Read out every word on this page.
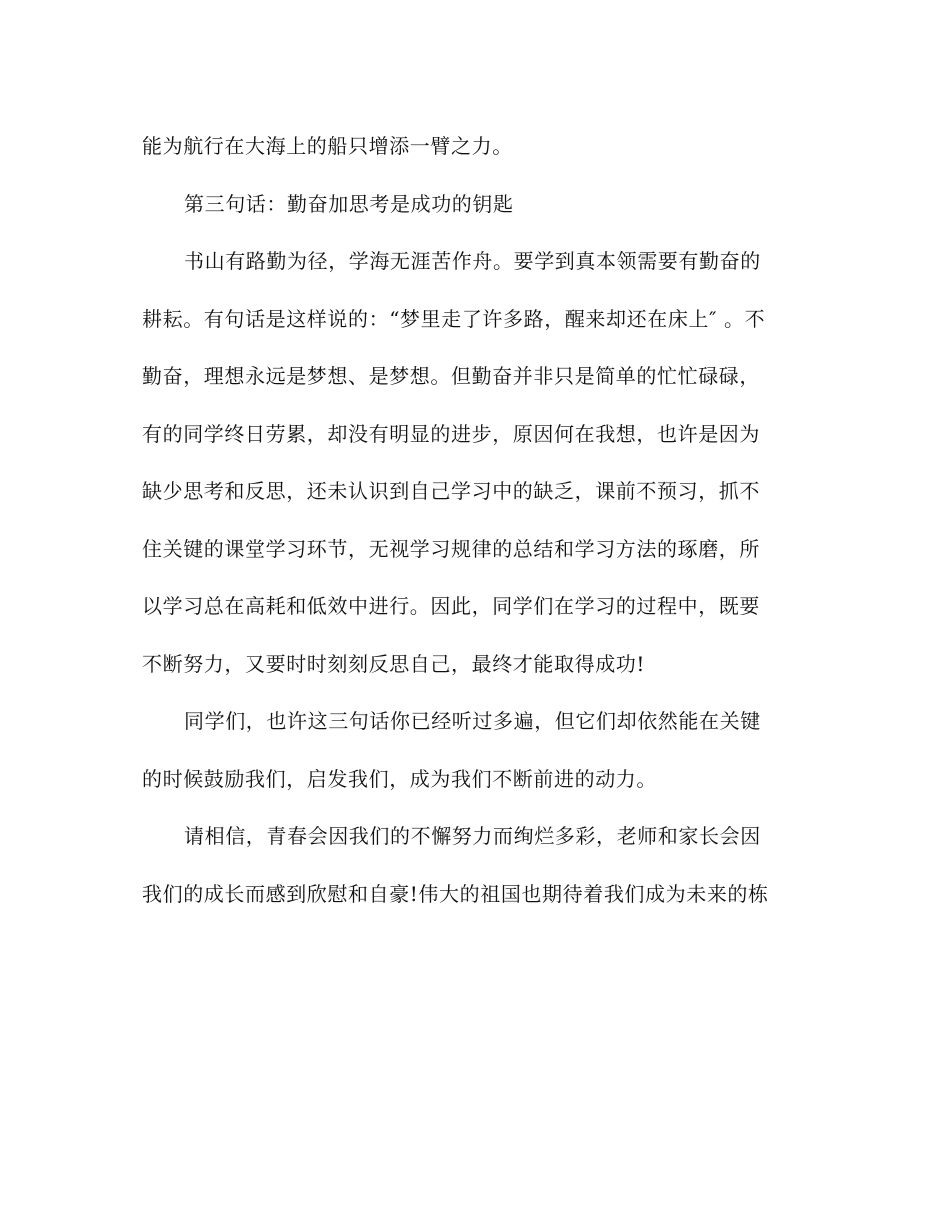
能为航行在大海上的船只增添一臂之力。
第三句话：勤奋加思考是成功的钥匙
书山有路勤为径，学海无涯苦作舟。要学到真本领需要有勤奋的
耕耘。有句话是这样说的：“梦里走了许多路，醒来却还在床上″ 。不
勤奋，理想永远是梦想、是梦想。但勤奋并非只是简单的忙忙碌碌，
有的同学终日劳累，却没有明显的进步，原因何在我想，也许是因为
缺少思考和反思，还未认识到自己学习中的缺乏，课前不预习，抓不
住关键的课堂学习环节，无视学习规律的总结和学习方法的琢磨，所
以学习总在高耗和低效中进行。因此，同学们在学习的过程中，既要
不断努力，又要时时刻刻反思自己，最终才能取得成功!
同学们，也许这三句话你已经听过多遍，但它们却依然能在关键
的时候鼓励我们，启发我们，成为我们不断前进的动力。
请相信，青春会因我们的不懈努力而绚烂多彩，老师和家长会因
我们的成长而感到欣慰和自豪!伟大的祖国也期待着我们成为未来的栋
